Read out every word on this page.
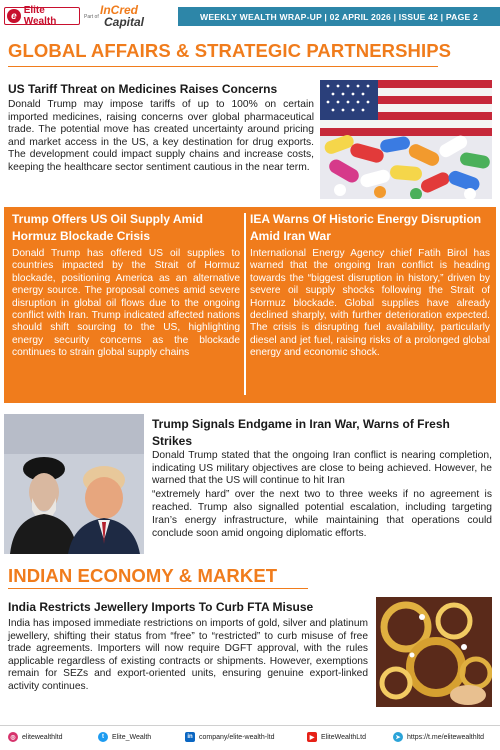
e Elite Wealth	Part of InCred
Capital	WEEKLY WEALTH WRAP-UP | 02 APRIL 2026 | ISSUE 42 | PAGE 2
GLOBAL AFFAIRS & STRATEGIC PARTNERSHIPS
US Tariff Threat on Medicines Raises Concerns
Donald Trump may impose tariffs of up to 100% on certain imported medicines, raising concerns over global pharmaceutical trade. The potential move has created uncertainty around pricing and market access in the US, a key destination for drug exports. The development could impact supply chains and increase costs, keeping the healthcare sector sentiment cautious in the near term.
Trump Offers US Oil Supply Amid Hormuz Blockade Crisis
Donald Trump has offered US oil supplies to countries impacted by the Strait of Hormuz blockade, positioning America as an alternative energy source. The proposal comes amid severe disruption in global oil flows due to the ongoing conflict with Iran. Trump indicated affected nations should shift sourcing to the US, highlighting energy security concerns as the blockade continues to strain global supply chains
IEA Warns Of Historic Energy Disruption Amid Iran War
International Energy Agency chief Fatih Birol has warned that the ongoing Iran conflict is heading towards the “biggest disruption in history,” driven by severe oil supply shocks following the Strait of Hormuz blockade. Global supplies have already declined sharply, with further deterioration expected. The crisis is disrupting fuel availability, particularly diesel and jet fuel, raising risks of a prolonged global energy and economic shock.
Trump Signals Endgame in Iran War, Warns of Fresh
Strikes
Donald Trump stated that the ongoing Iran conflict is nearing completion, indicating US military objectives are close to being achieved. However, he warned that the US will continue to hit Iran
“extremely hard” over the next two to three weeks if no agreement is reached. Trump also signalled potential escalation, including targeting Iran’s energy infrastructure, while maintaining that operations could conclude soon amid ongoing diplomatic efforts.
INDIAN ECONOMY & MARKET
India Restricts Jewellery Imports To Curb FTA Misuse
India has imposed immediate restrictions on imports of gold, silver and platinum jewellery, shifting their status from “free” to “restricted” to curb misuse of free trade agreements. Importers will now require DGFT approval, with the rules applicable regardless of existing contracts or shipments. However, exemptions remain for SEZs and export-oriented units, ensuring genuine export-linked activity continues.
◎ elitewealthltd	t	Elite_Wealth	in company/elite-wealth-ltd	▶ EliteWealthLtd	➤ https://t.me/elitewealthltd
